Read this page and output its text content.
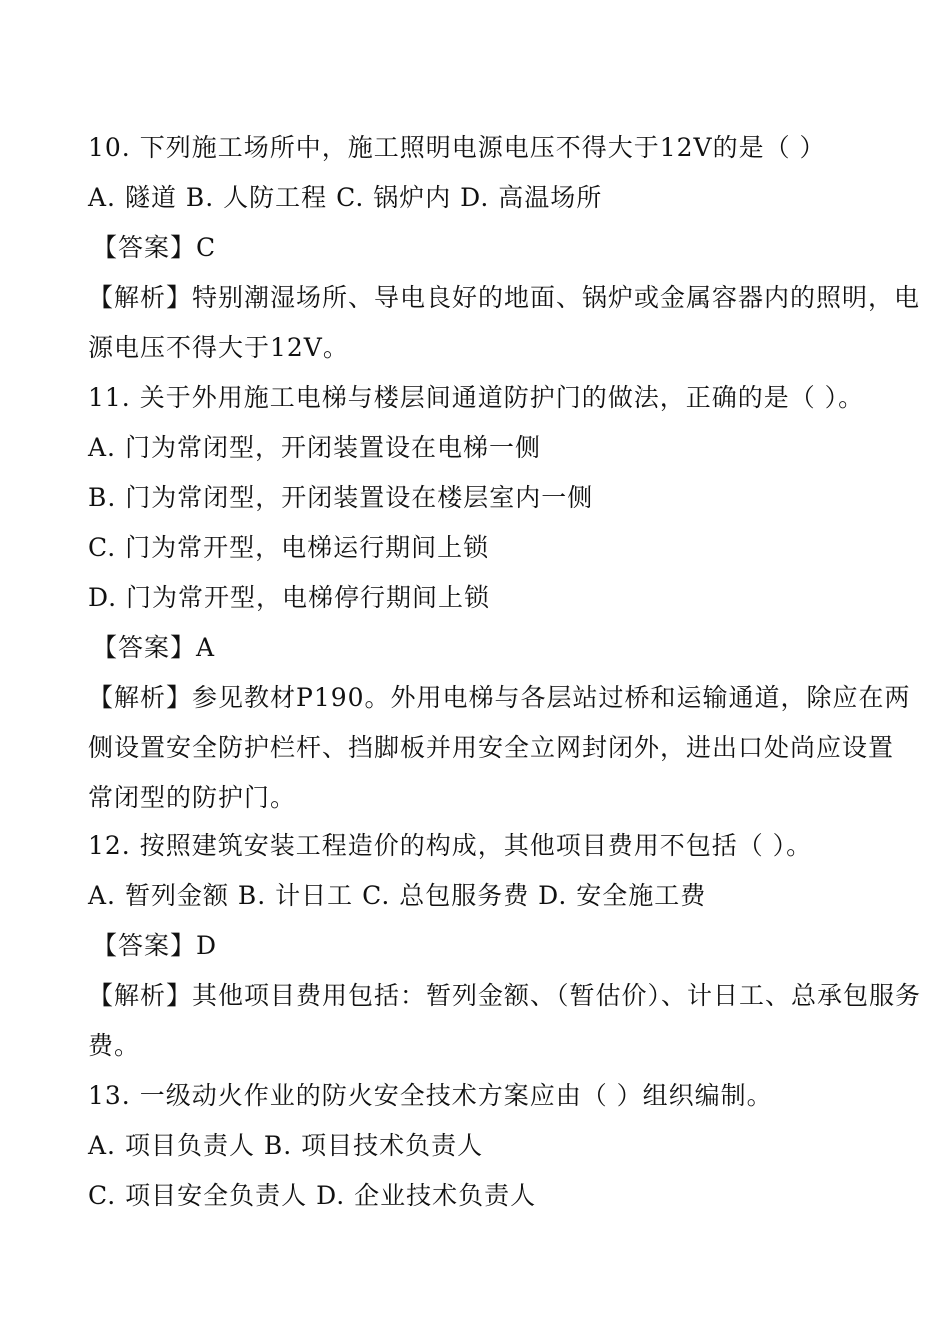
10. 下列施工场所中，施工照明电源电压不得大于12V的是（ ）
A. 隧道 B. 人防工程 C. 锅炉内 D. 高温场所
【答案】C
【解析】特别潮湿场所、导电良好的地面、锅炉或金属容器内的照明，电
源电压不得大于12V。
11. 关于外用施工电梯与楼层间通道防护门的做法，正确的是（ ）。
A. 门为常闭型，开闭装置设在电梯一侧
B. 门为常闭型，开闭装置设在楼层室内一侧
C. 门为常开型，电梯运行期间上锁
D. 门为常开型，电梯停行期间上锁
【答案】A
【解析】参见教材P190。外用电梯与各层站过桥和运输通道，除应在两
侧设置安全防护栏杆、挡脚板并用安全立网封闭外，进出口处尚应设置
常闭型的防护门。
12. 按照建筑安装工程造价的构成，其他项目费用不包括（ ）。
A. 暂列金额 B. 计日工 C. 总包服务费 D. 安全施工费
【答案】D
【解析】其他项目费用包括：暂列金额、（暂估价）、计日工、总承包服务
费。
13. 一级动火作业的防火安全技术方案应由（ ）组织编制。
A. 项目负责人 B. 项目技术负责人
C. 项目安全负责人 D. 企业技术负责人
